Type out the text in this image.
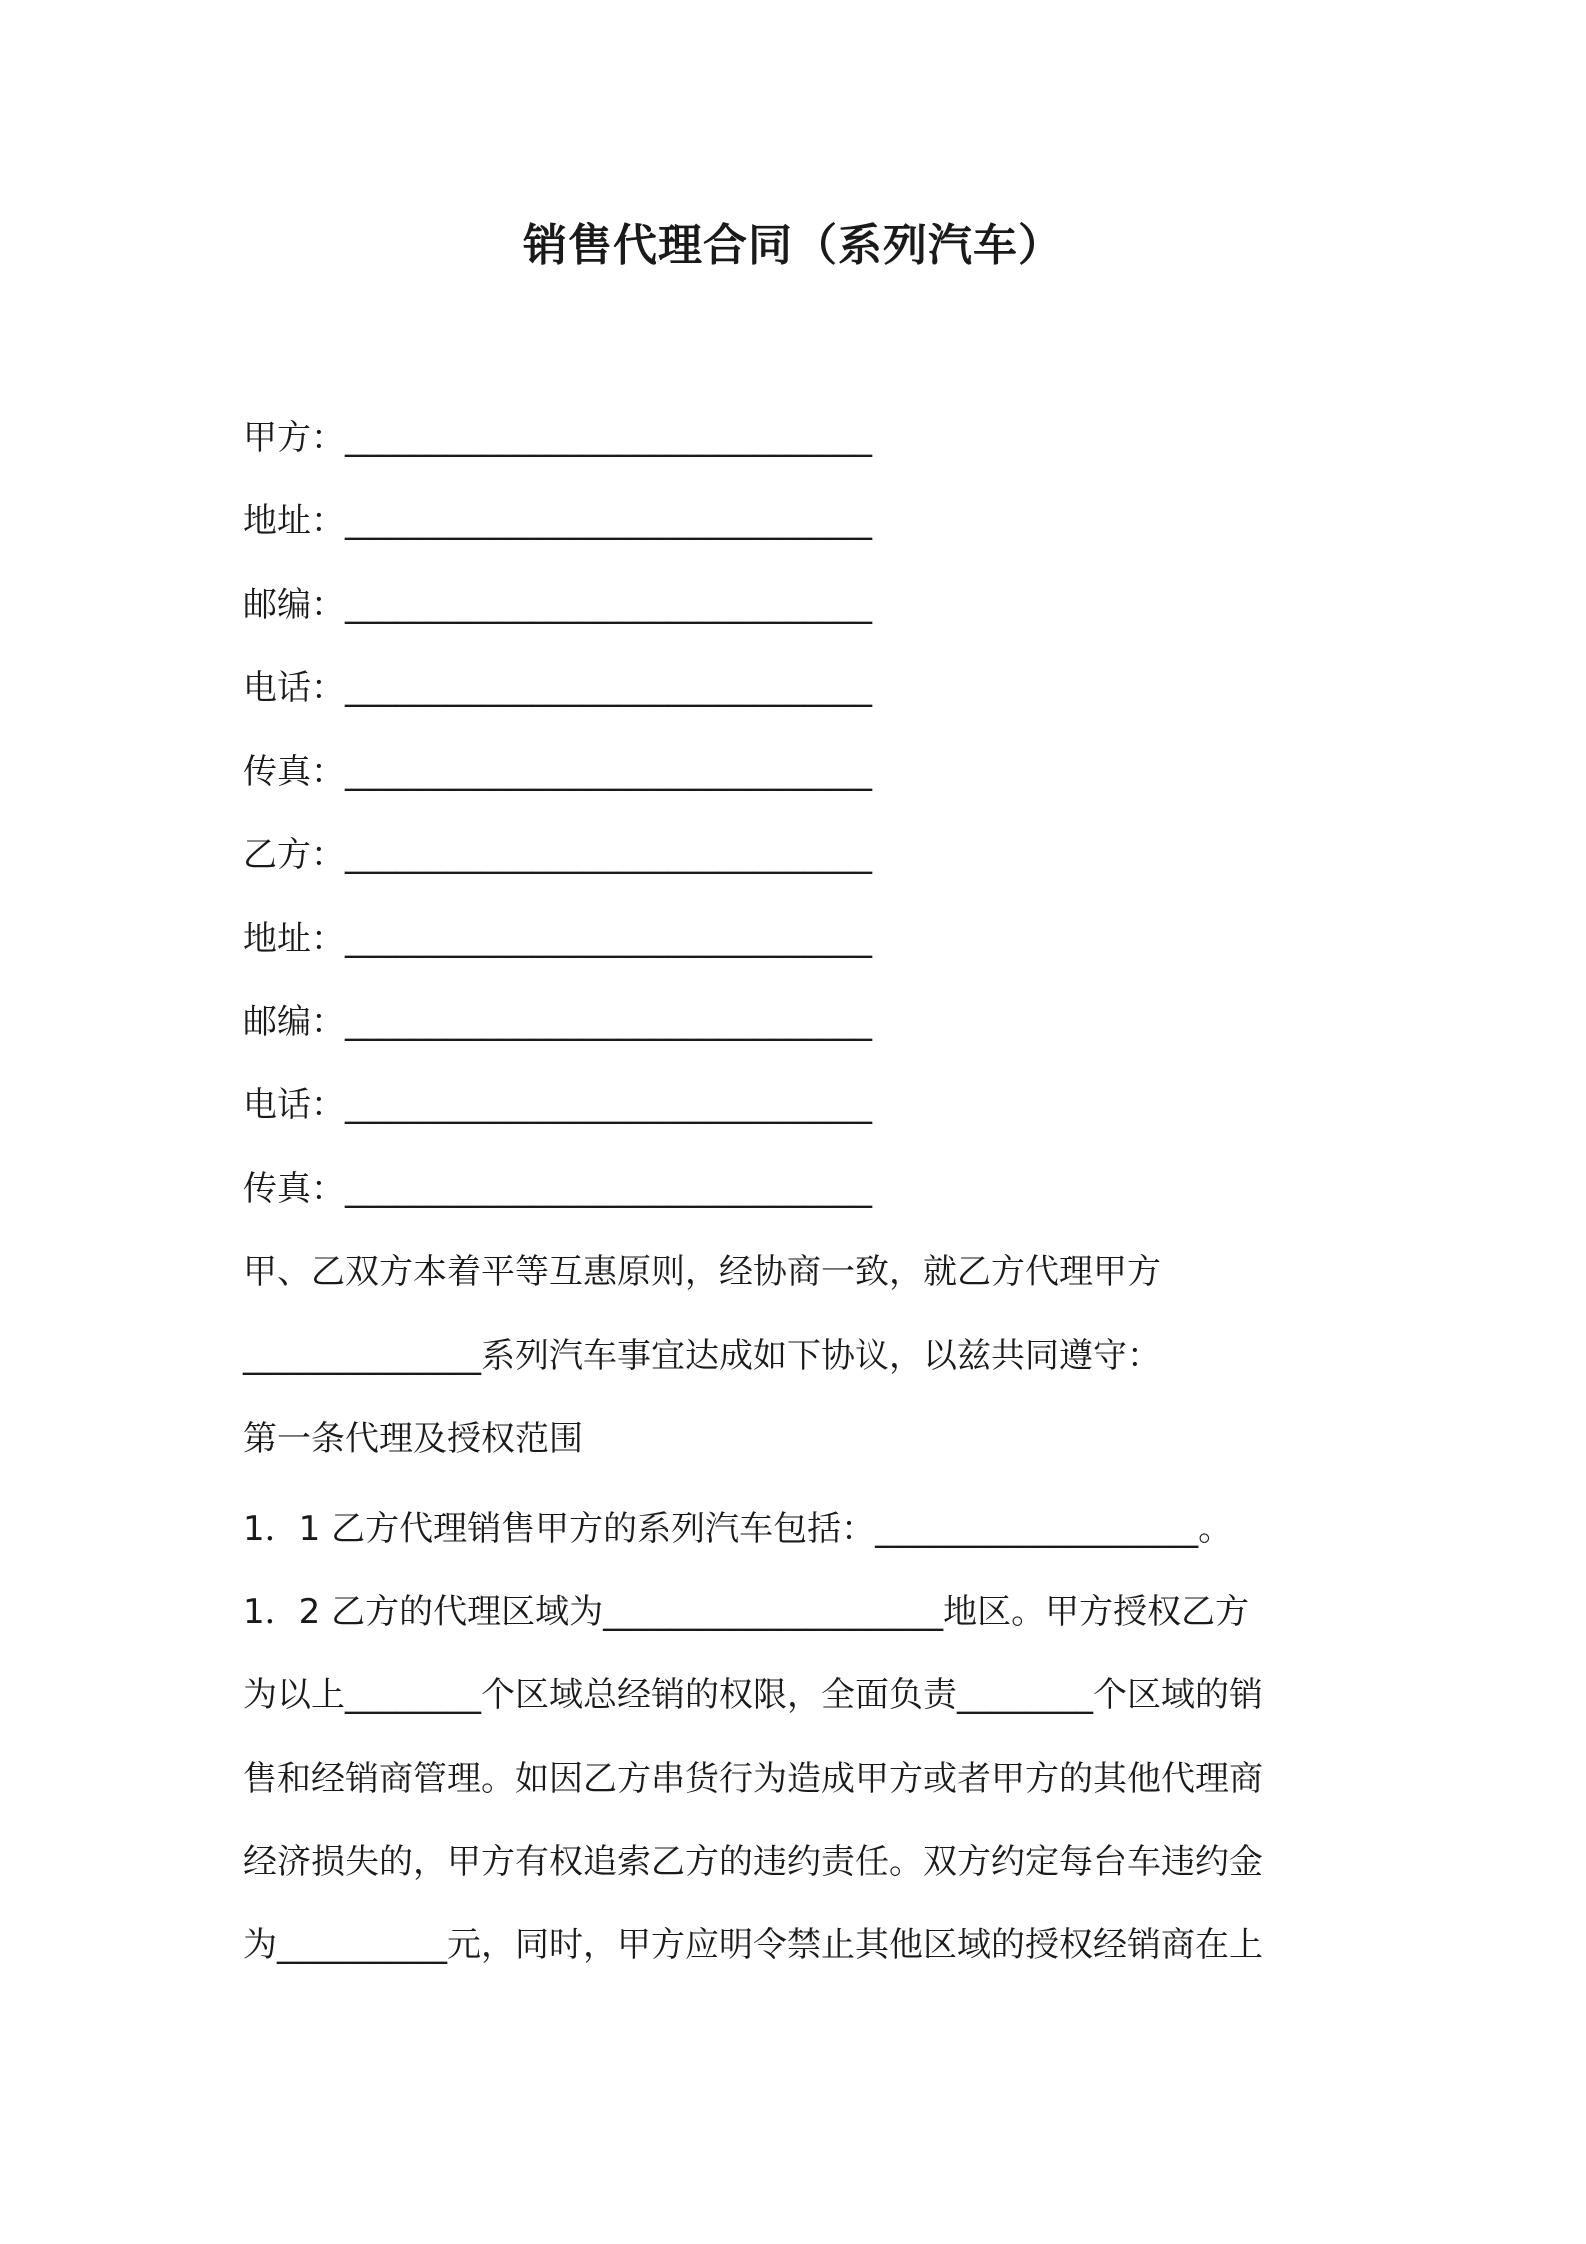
销售代理合同（系列汽车）
甲方： _______________________________
地址： _______________________________
邮编： _______________________________
电话： _______________________________
传真： _______________________________
乙方： _______________________________
地址： _______________________________
邮编： _______________________________
电话： _______________________________
传真： _______________________________

甲、乙双方本着平等互惠原则，经协商一致，就乙方代理甲方

______________系列汽车事宜达成如下协议，以兹共同遵守：

第一条代理及授权范围

1．1 乙方代理销售甲方的系列汽车包括：___________________。

1．2 乙方的代理区域为____________________地区。甲方授权乙方

为以上________个区域总经销的权限，全面负责________个区域的销

售和经销商管理。如因乙方串货行为造成甲方或者甲方的其他代理商

经济损失的，甲方有权追索乙方的违约责任。双方约定每台车违约金

为__________元，同时，甲方应明令禁止其他区域的授权经销商在上
